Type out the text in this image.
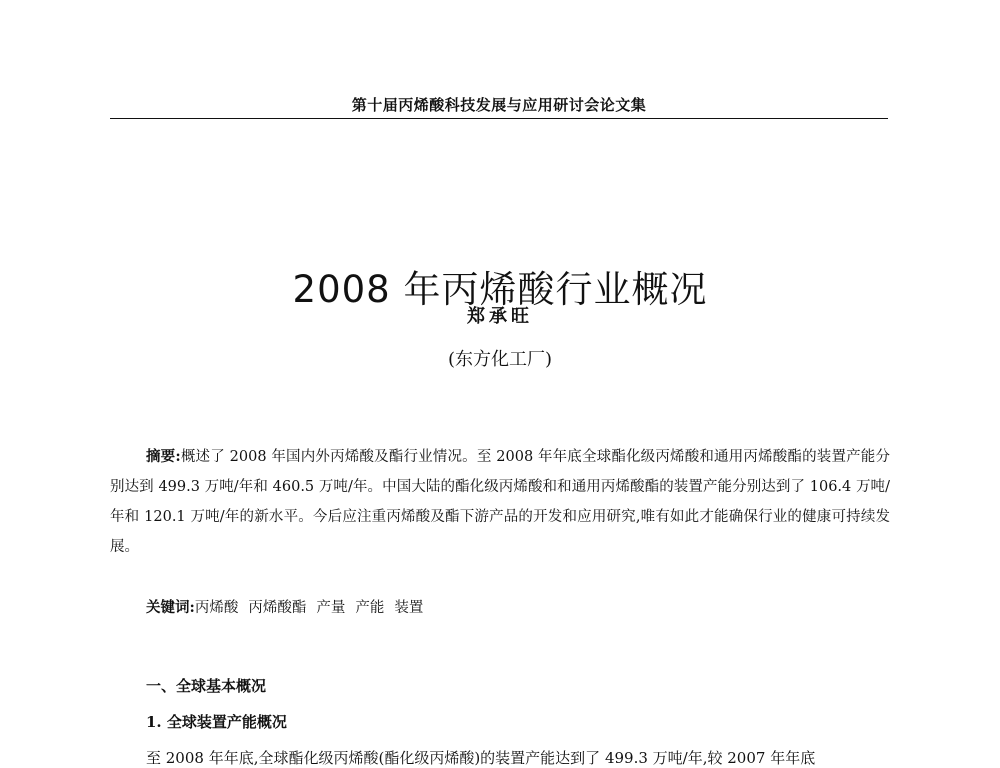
第十届丙烯酸科技发展与应用研讨会论文集
2008 年丙烯酸行业概况
郑承旺
(东方化工厂)

摘要:概述了 2008 年国内外丙烯酸及酯行业情况。至 2008 年年底全球酯化级丙烯酸和通用丙烯酸酯的装置产能分别达到 499.3 万吨/年和 460.5 万吨/年。中国大陆的酯化级丙烯酸和和通用丙烯酸酯的装置产能分别达到了 106.4 万吨/年和 120.1 万吨/年的新水平。今后应注重丙烯酸及酯下游产品的开发和应用研究,唯有如此才能确保行业的健康可持续发展。

关键词:丙烯酸 丙烯酸酯 产量 产能 装置

一、全球基本概况
1. 全球装置产能概况

至 2008 年年底,全球酯化级丙烯酸(酯化级丙烯酸)的装置产能达到了 499.3 万吨/年,较 2007 年年底
